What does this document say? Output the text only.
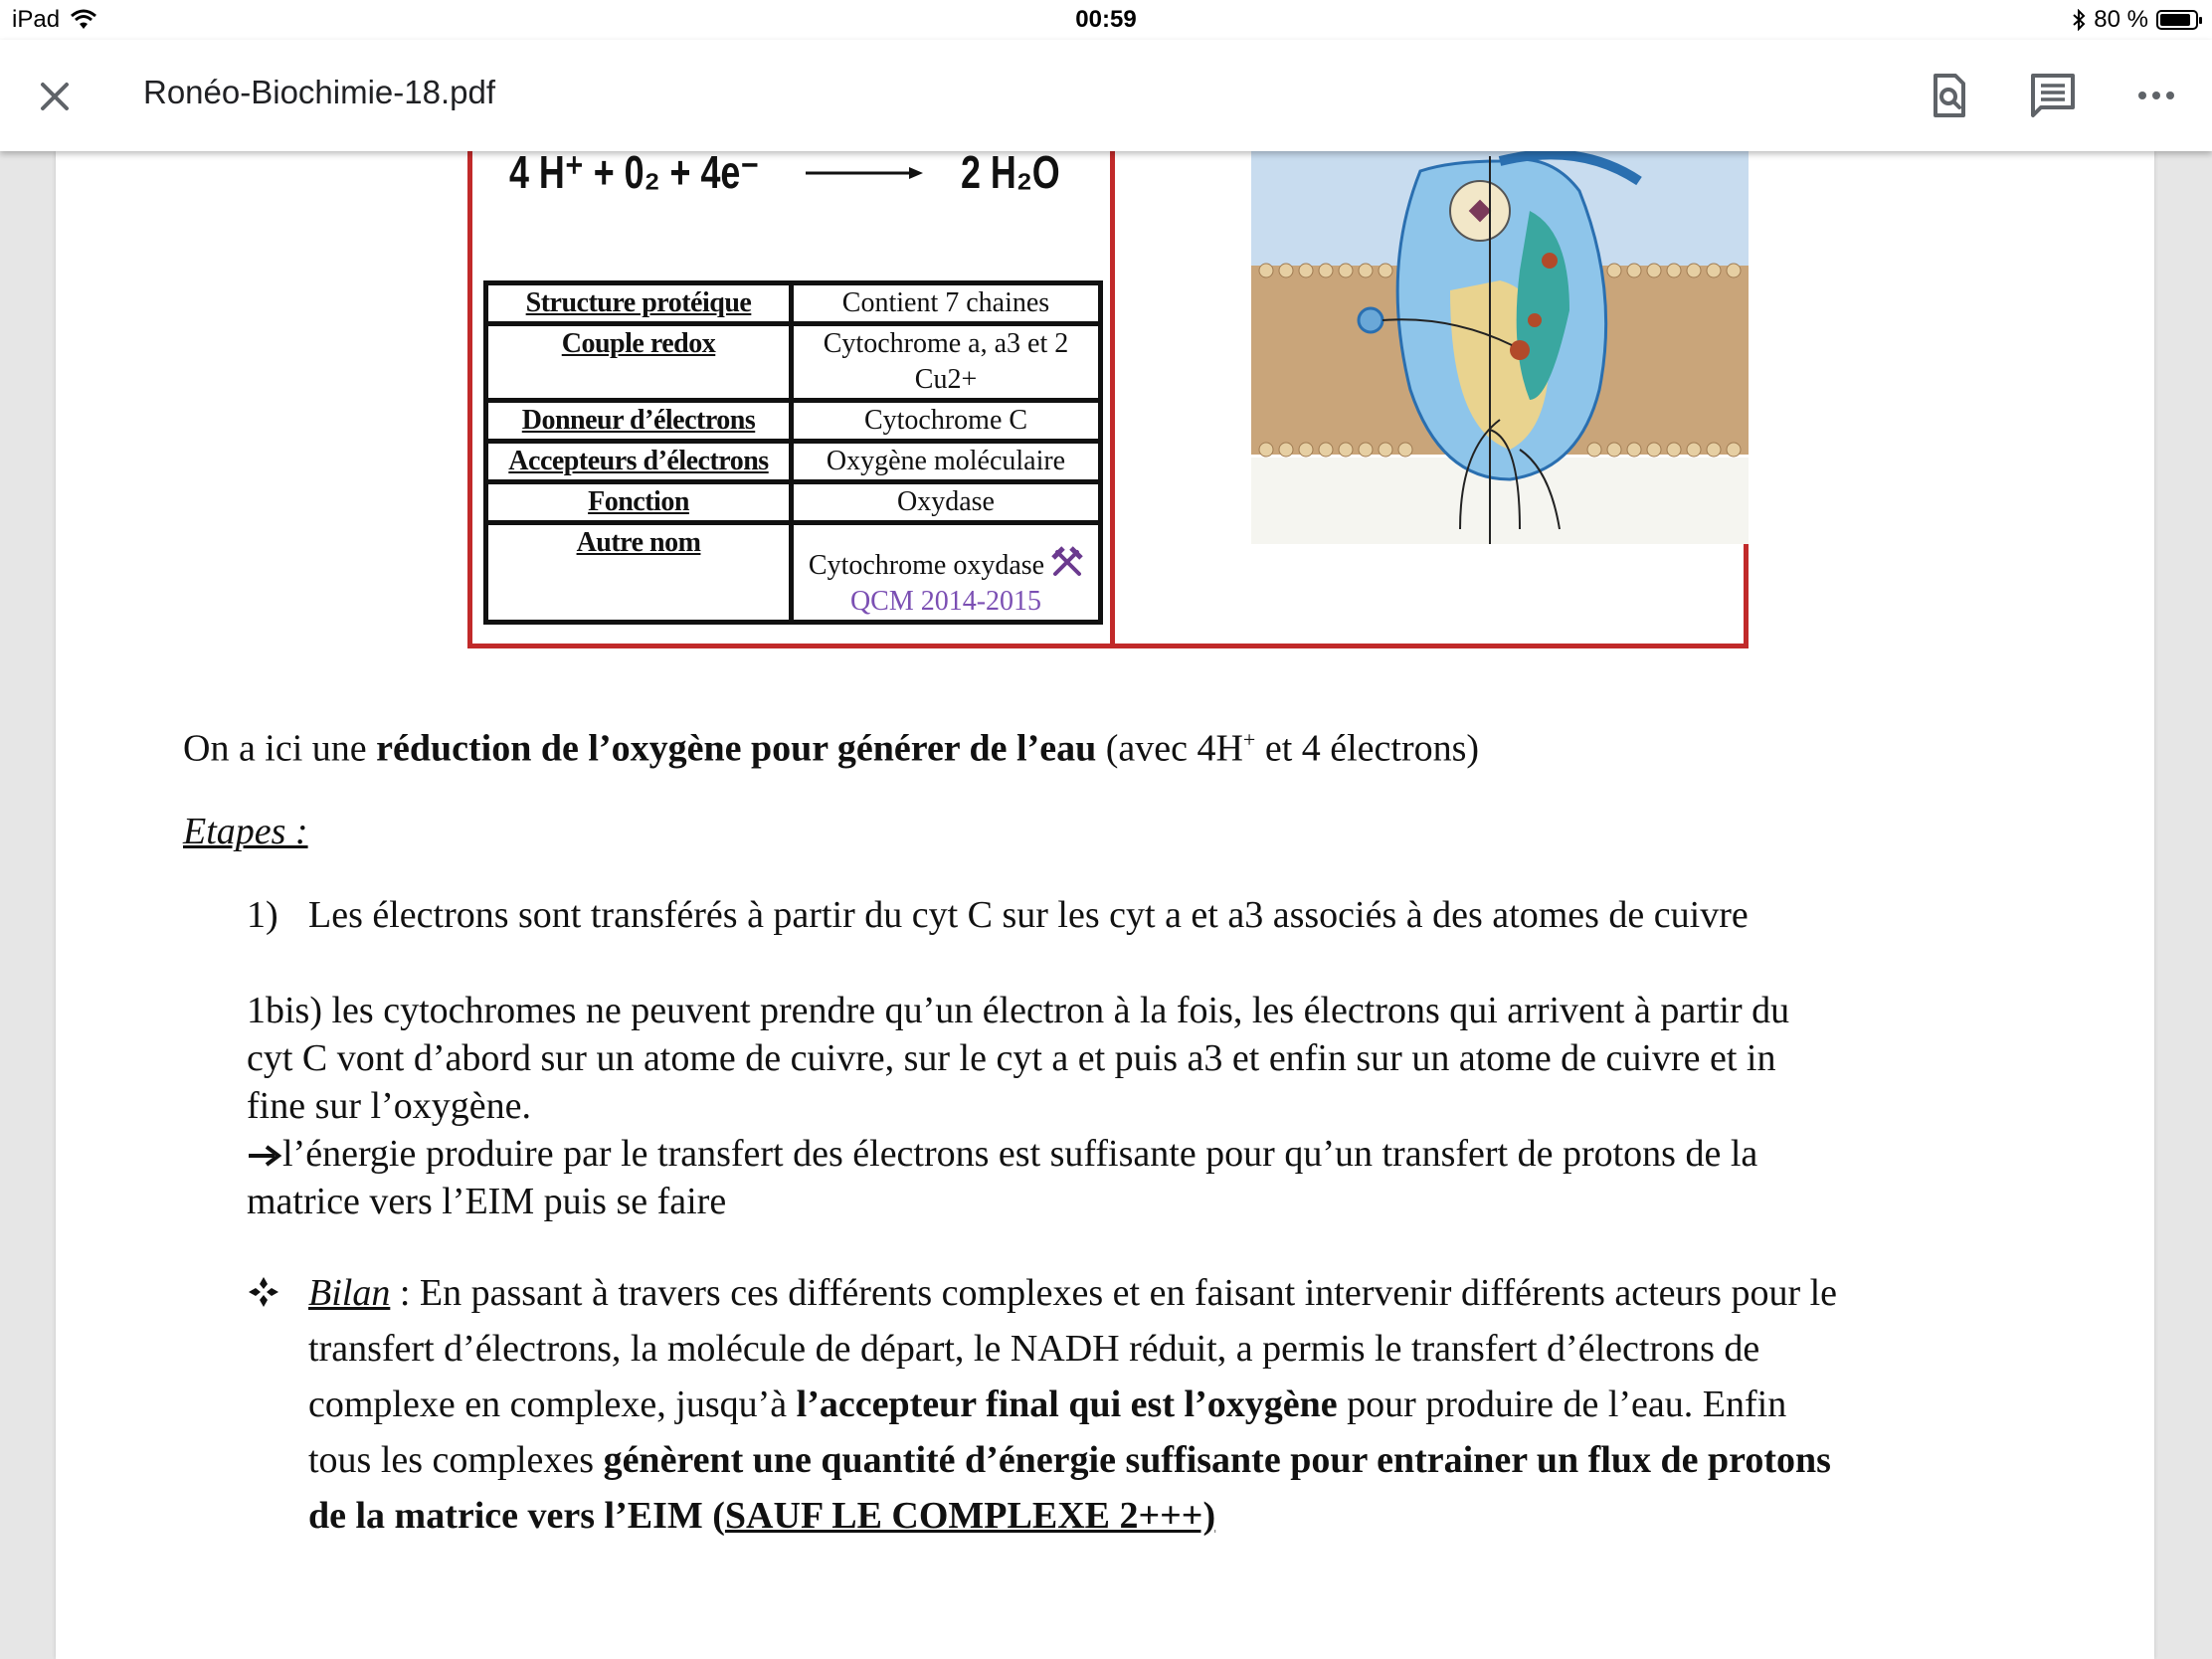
iPad	00:59	80 %
Ronéo-Biochimie-18.pdf
4 H⁺ + 0₂ + 4e⁻	2 H₂O
Structure protéique	Contient 7 chaines
Couple redox	Cytochrome a, a3 et 2 Cu2+
Donneur d’électrons	Cytochrome C
Accepteurs d’électrons	Oxygène moléculaire
Fonction	Oxydase
Autre nom	Cytochrome oxydase
QCM 2014-2015
On a ici une réduction de l’oxygène pour générer de l’eau (avec 4H+ et 4 électrons)
Etapes :
1) Les électrons sont transférés à partir du cyt C sur les cyt a et a3 associés à des atomes de cuivre
1bis) les cytochromes ne peuvent prendre qu’un électron à la fois, les électrons qui arrivent à partir du
cyt C vont d’abord sur un atome de cuivre, sur le cyt a et puis a3 et enfin sur un atome de cuivre et in
fine sur l’oxygène.
l’énergie produire par le transfert des électrons est suffisante pour qu’un transfert de protons de la
matrice vers l’EIM puis se faire
Bilan : En passant à travers ces différents complexes et en faisant intervenir différents acteurs pour le
transfert d’électrons, la molécule de départ, le NADH réduit, a permis le transfert d’électrons de
complexe en complexe, jusqu’à l’accepteur final qui est l’oxygène pour produire de l’eau. Enfin
tous les complexes génèrent une quantité d’énergie suffisante pour entrainer un flux de protons
de la matrice vers l’EIM (SAUF LE COMPLEXE 2+++)
